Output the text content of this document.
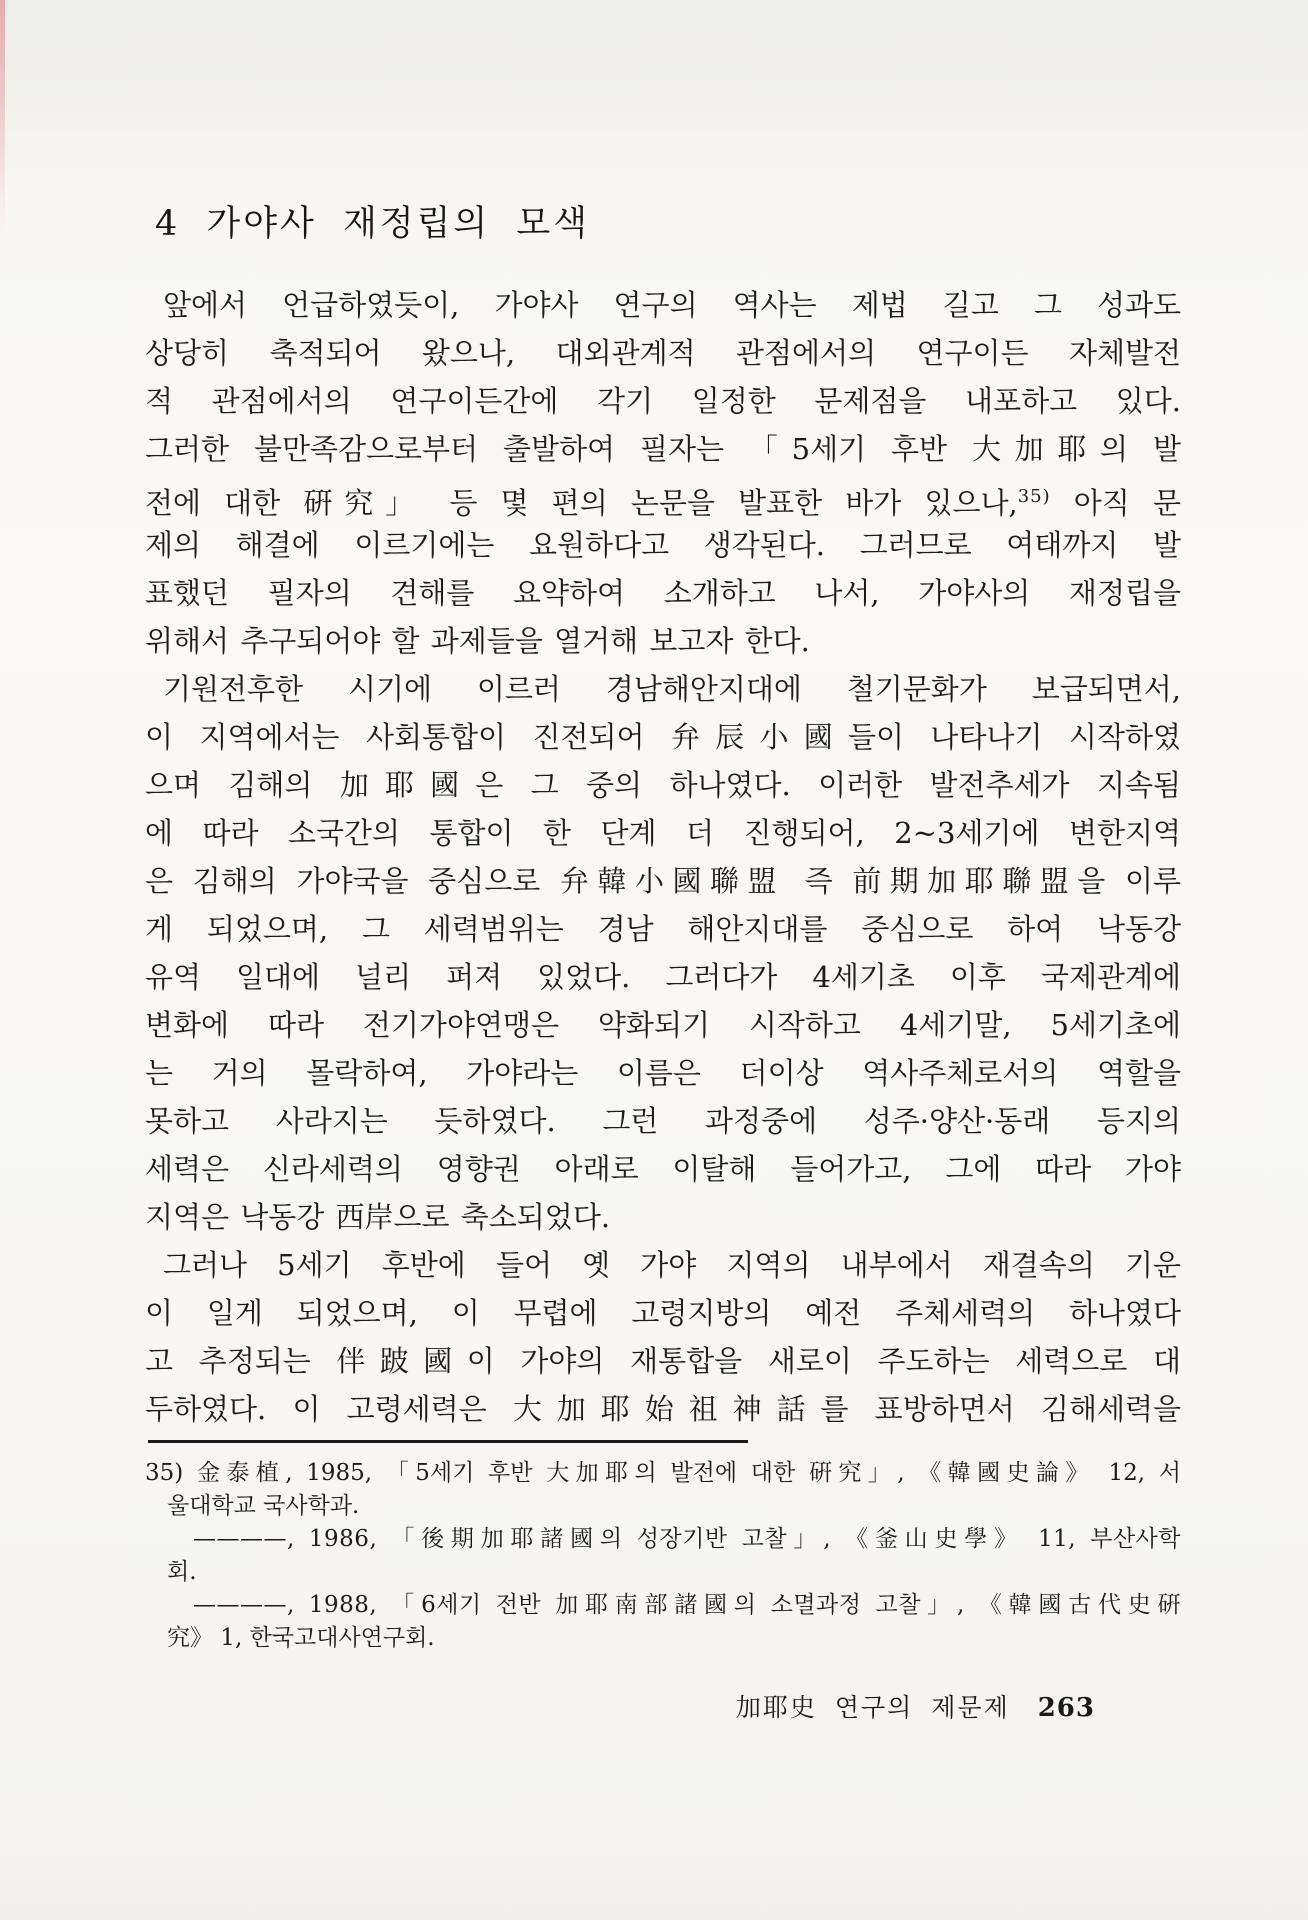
4 가야사 재정립의 모색
앞에서 언급하였듯이, 가야사 연구의 역사는 제법 길고 그 성과도
상당히 축적되어 왔으나, 대외관계적 관점에서의 연구이든 자체발전
적 관점에서의 연구이든간에 각기 일정한 문제점을 내포하고 있다.
그러한 불만족감으로부터 출발하여 필자는 「5세기 후반 大加耶의 발
전에 대한 硏究」 등 몇 편의 논문을 발표한 바가 있으나,$^{35)}$ 아직 문
제의 해결에 이르기에는 요원하다고 생각된다. 그러므로 여태까지 발
표했던 필자의 견해를 요약하여 소개하고 나서, 가야사의 재정립을
위해서 추구되어야 할 과제들을 열거해 보고자 한다.
기원전후한 시기에 이르러 경남해안지대에 철기문화가 보급되면서,
이 지역에서는 사회통합이 진전되어 弁辰小國들이 나타나기 시작하였
으며 김해의 加耶國은 그 중의 하나였다. 이러한 발전추세가 지속됨
에 따라 소국간의 통합이 한 단계 더 진행되어, 2~3세기에 변한지역
은 김해의 가야국을 중심으로 弁韓小國聯盟 즉 前期加耶聯盟을 이루
게 되었으며, 그 세력범위는 경남 해안지대를 중심으로 하여 낙동강
유역 일대에 널리 퍼져 있었다. 그러다가 4세기초 이후 국제관계에
변화에 따라 전기가야연맹은 약화되기 시작하고 4세기말, 5세기초에
는 거의 몰락하여, 가야라는 이름은 더이상 역사주체로서의 역할을
못하고 사라지는 듯하였다. 그런 과정중에 성주·양산·동래 등지의
세력은 신라세력의 영향권 아래로 이탈해 들어가고, 그에 따라 가야
지역은 낙동강 西岸으로 축소되었다.
그러나 5세기 후반에 들어 옛 가야 지역의 내부에서 재결속의 기운
이 일게 되었으며, 이 무렵에 고령지방의 예전 주체세력의 하나였다
고 추정되는 伴跛國이 가야의 재통합을 새로이 주도하는 세력으로 대
두하였다. 이 고령세력은 大加耶始祖神話를 표방하면서 김해세력을
35) 金泰植, 1985, 「5세기 후반 大加耶의 발전에 대한 硏究」, 《韓國史論》 12, 서
울대학교 국사학과.
————, 1986, 「後期加耶諸國의 성장기반 고찰」, 《釜山史學》 11, 부산사학
회.
————, 1988, 「6세기 전반 加耶南部諸國의 소멸과정 고찰」, 《韓國古代史硏
究》 1, 한국고대사연구회.
加耶史 연구의 제문제 263
